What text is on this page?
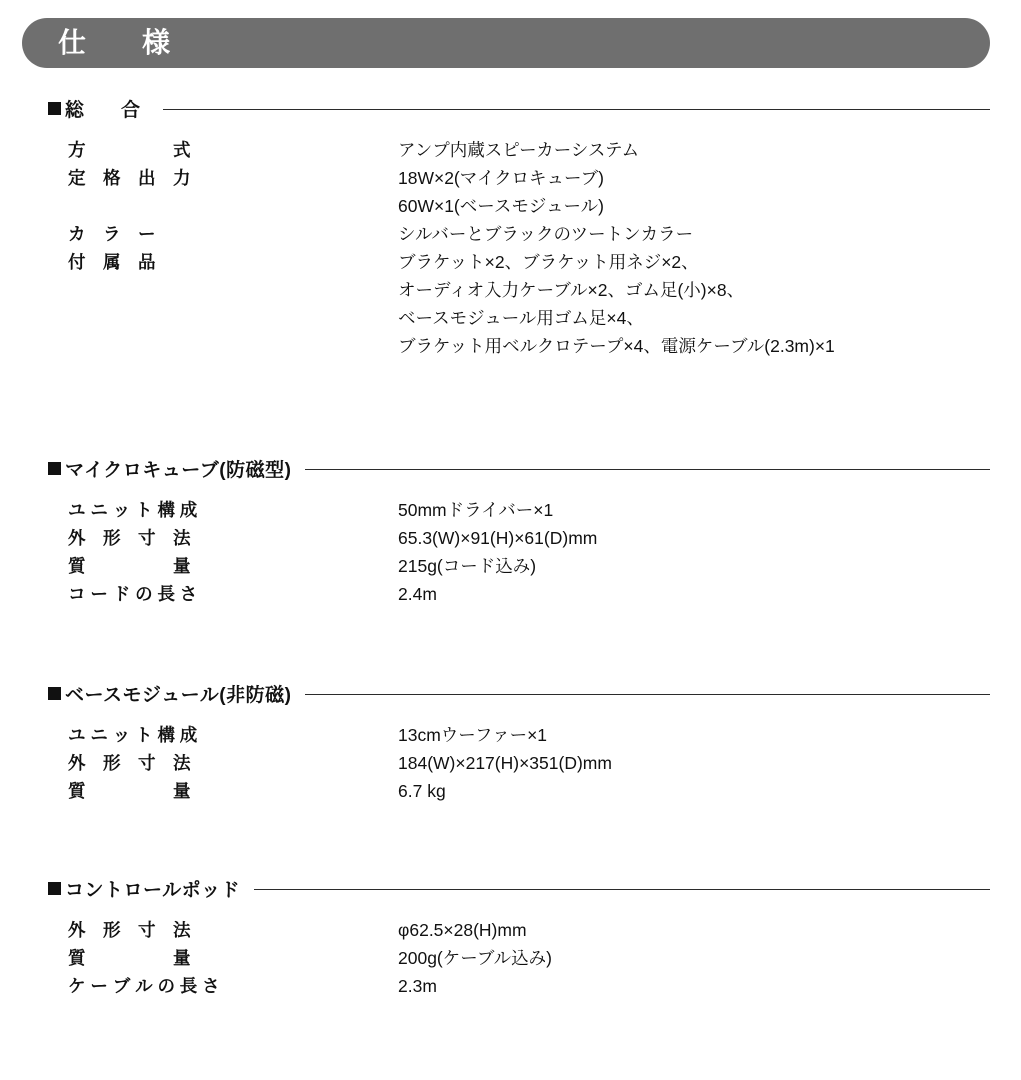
仕　様
総　合
方　　　　　式	アンプ内蔵スピーカーシステム

定　格　出　力	18W×2(マイクロキューブ)
60W×1(ベースモジュール)

カ　ラ　ー	シルバーとブラックのツートンカラー

付　属　品	ブラケット×2、ブラケット用ネジ×2、
オーディオ入力ケーブル×2、ゴム足(小)×8、
ベースモジュール用ゴム足×4、
ブラケット用ベルクロテープ×4、電源ケーブル(2.3m)×1
マイクロキューブ(防磁型)
ユ ニ ッ ト 構 成	50mmドライバー×1

外　形　寸　法	65.3(W)×91(H)×61(D)mm

質　　　　　量	215g(コード込み)

コ ー ド の 長 さ	2.4m
ベースモジュール(非防磁)
ユ ニ ッ ト 構 成	13cmウーファー×1

外　形　寸　法	184(W)×217(H)×351(D)mm

質　　　　　量	6.7 kg
コントロールポッド
外　形　寸　法	φ62.5×28(H)mm

質　　　　　量	200g(ケーブル込み)

ケ ー ブ ル の 長 さ	2.3m
